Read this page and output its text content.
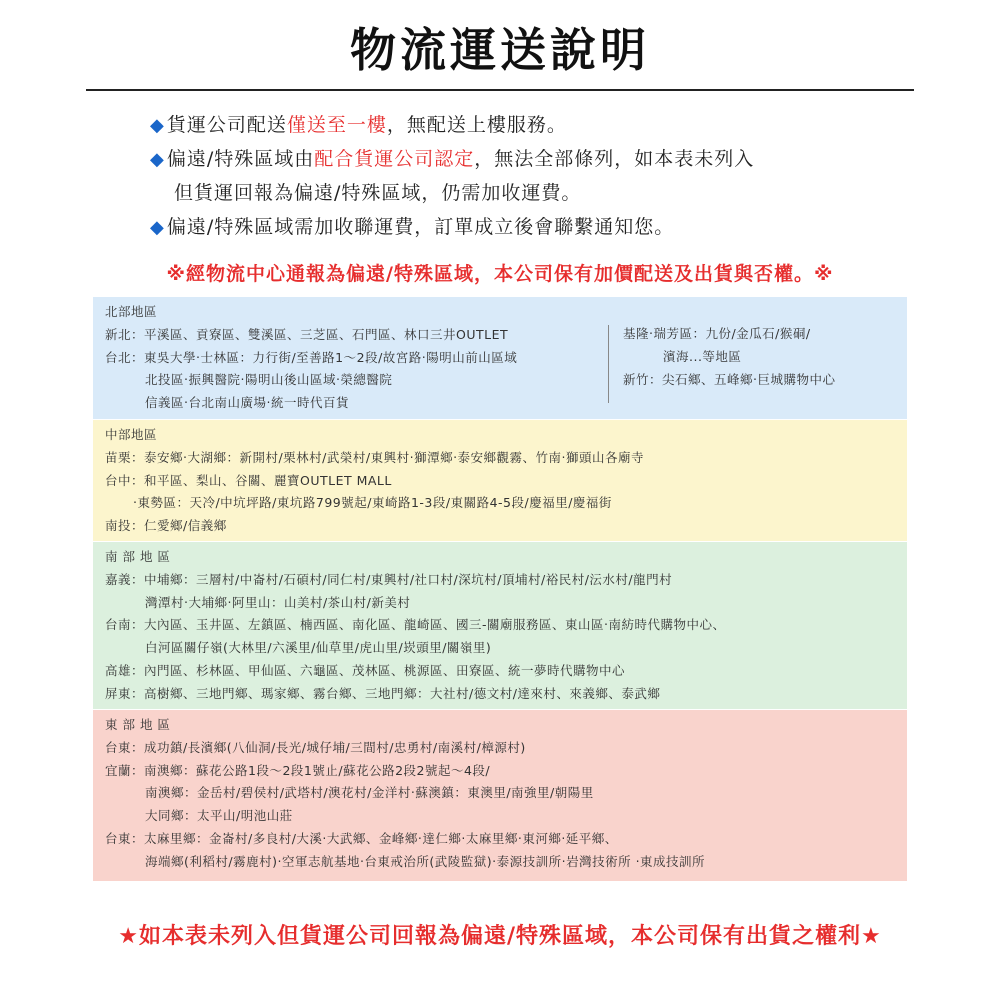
物流運送說明
◆ 貨運公司配送僅送至一樓，無配送上樓服務。
◆ 偏遠/特殊區域由配合貨運公司認定，無法全部條列，如本表未列入
但貨運回報為偏遠/特殊區域，仍需加收運費。
◆ 偏遠/特殊區域需加收聯運費，訂單成立後會聯繫通知您。
※經物流中心通報為偏遠/特殊區域，本公司保有加價配送及出貨與否權。※
北部地區
新北：平溪區、貢寮區、雙溪區、三芝區、石門區、林口三井OUTLET
台北：東吳大學‧士林區：力行街/至善路1～2段/故宮路‧陽明山前山區域
北投區‧振興醫院‧陽明山後山區域‧榮總醫院
信義區‧台北南山廣場‧統一時代百貨
基隆‧瑞芳區：九份/金瓜石/猴硐/
濱海...等地區
新竹：尖石鄉、五峰鄉‧巨城購物中心
中部地區
苗栗：泰安鄉‧大湖鄉：新開村/栗林村/武榮村/東興村‧獅潭鄉‧泰安鄉觀霧、竹南‧獅頭山各廟寺
台中：和平區、梨山、谷關、麗寶OUTLET MALL
‧東勢區：天冷/中坑坪路/東坑路799號起/東崎路1-3段/東關路4-5段/慶福里/慶福街
南投：仁愛鄉/信義鄉
南 部 地 區
嘉義：中埔鄉：三層村/中崙村/石碩村/同仁村/東興村/社口村/深坑村/頂埔村/裕民村/沄水村/龍門村
灣潭村‧大埔鄉‧阿里山：山美村/茶山村/新美村
台南：大內區、玉井區、左鎮區、楠西區、南化區、龍崎區、國三-關廟服務區、東山區‧南紡時代購物中心、
白河區關仔嶺(大林里/六溪里/仙草里/虎山里/崁頭里/關嶺里)
高雄：內門區、杉林區、甲仙區、六龜區、茂林區、桃源區、田寮區、統一夢時代購物中心
屏東：高樹鄉、三地門鄉、瑪家鄉、霧台鄉、三地門鄉：大社村/德文村/達來村、來義鄉、泰武鄉
東 部 地 區
台東：成功鎮/長濱鄉(八仙洞/長光/城仔埔/三間村/忠勇村/南溪村/樟源村)
宜蘭：南澳鄉：蘇花公路1段～2段1號止/蘇花公路2段2號起～4段/
南澳鄉：金岳村/碧侯村/武塔村/澳花村/金洋村‧蘇澳鎮：東澳里/南強里/朝陽里
大同鄉：太平山/明池山莊
台東：太麻里鄉：金崙村/多良村/大溪‧大武鄉、金峰鄉‧達仁鄉‧太麻里鄉‧東河鄉‧延平鄉、
海端鄉(利稻村/霧鹿村)‧空軍志航基地‧台東戒治所(武陵監獄)‧泰源技訓所‧岩灣技術所 ‧東成技訓所
★如本表未列入但貨運公司回報為偏遠/特殊區域，本公司保有出貨之權利★
